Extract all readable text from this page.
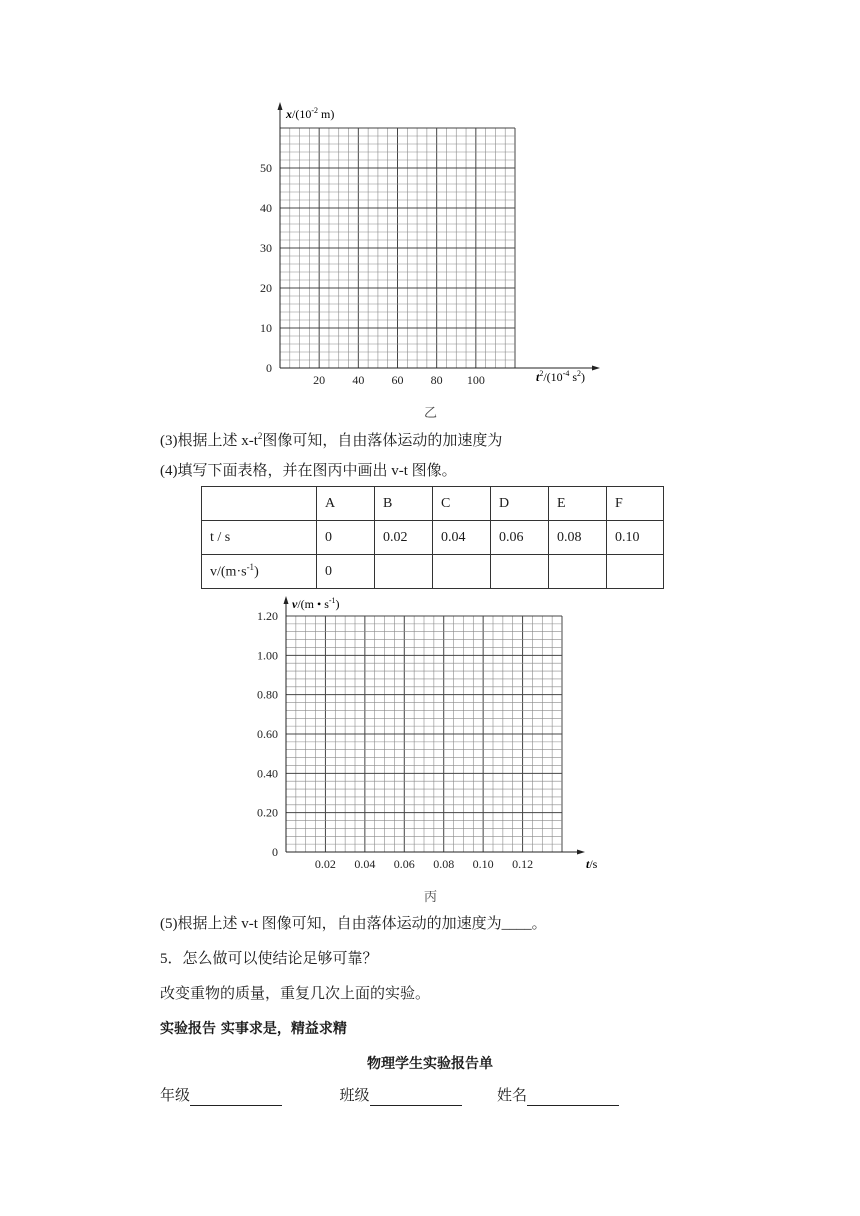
$x/(10^{-2}$ m)
$t^2/(10^{-4}$ $s^2$)
20 40 60 80 100
0
10
20
30
40
50
乙
(3)根据上述 $x-t^2$图像可知，自由落体运动的加速度为
(4)填写下面表格，并在图丙中画出 v-t 图像。
	A	B	C	D	E	F
t / s	0	0.02	0.04	0.06	0.08	0.10
$v/(m\cdot s^{-1})$	0					
v/(m • $s^{-1}$)
t/s
0.02 0.04 0.06 0.08 0.10 0.12
0
0.20
0.40
0.60
0.80
1.00
1.20
丙
(5)根据上述 v-t 图像可知，自由落体运动的加速度为____。
5．怎么做可以使结论足够可靠？
改变重物的质量，重复几次上面的实验。
实验报告 实事求是，精益求精
物理学生实验报告单
年级	班级	姓名
